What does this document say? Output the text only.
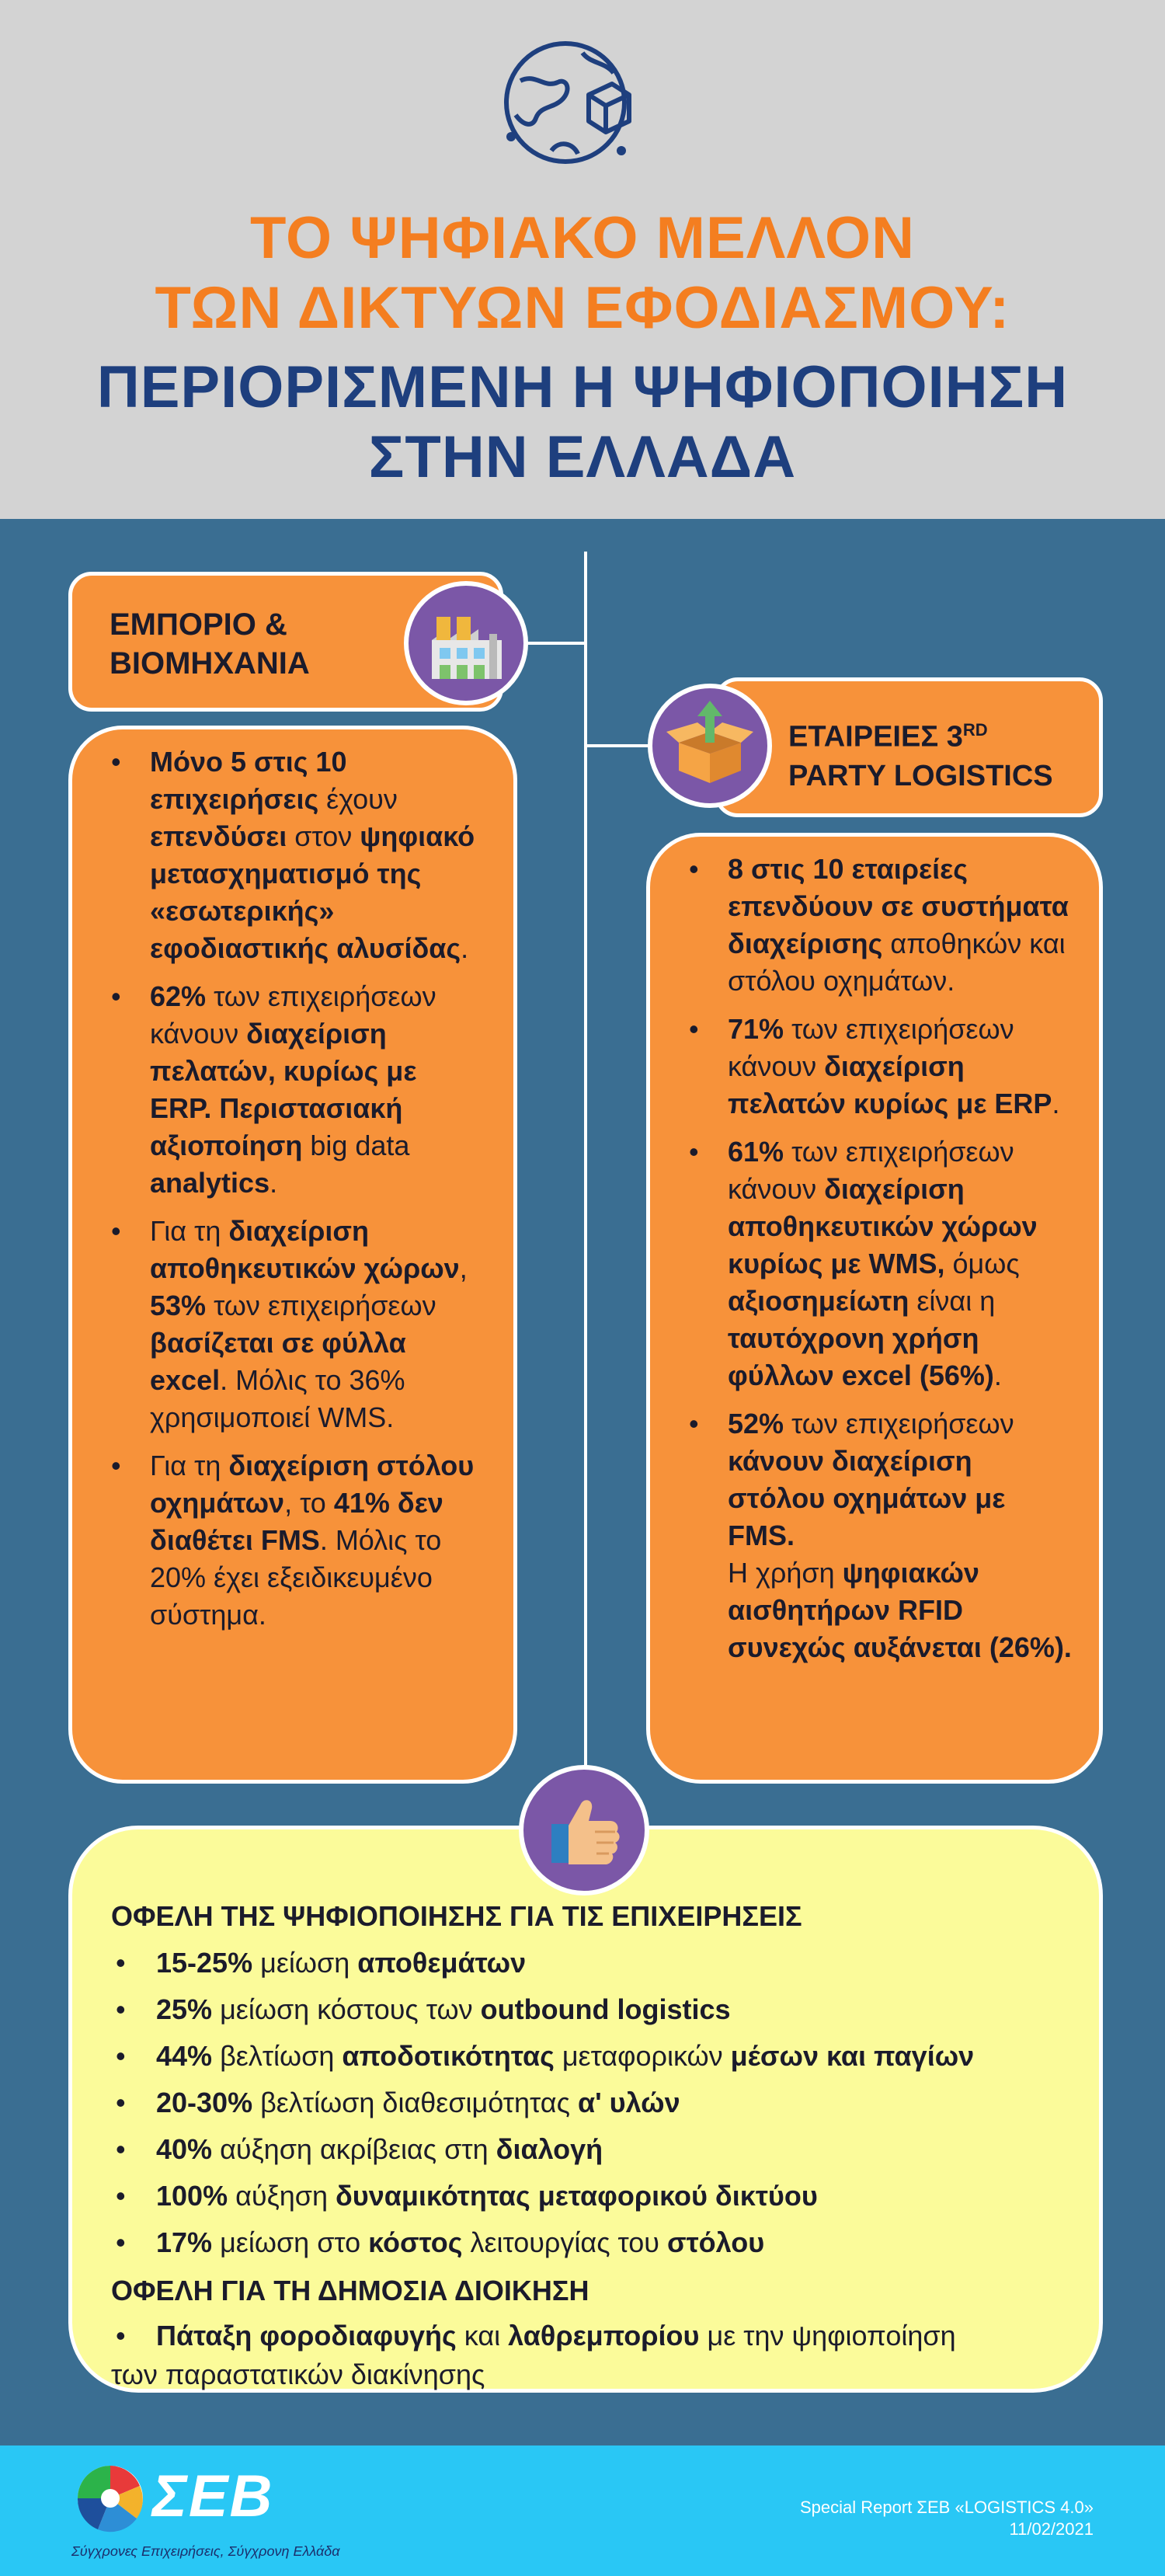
ΤΟ ΨΗΦΙΑΚΟ ΜΕΛΛΟΝ
ΤΩΝ ΔΙΚΤΥΩΝ ΕΦΟΔΙΑΣΜΟΥ:
ΠΕΡΙΟΡΙΣΜΕΝΗ Η ΨΗΦΙΟΠΟΙΗΣΗ
ΣΤΗΝ ΕΛΛΑΔΑ
ΕΜΠΟΡΙΟ &
ΒΙΟΜΗΧΑΝΙΑ
• Μόνο 5 στις 10 επιχειρήσεις έχουν επενδύσει στον ψηφιακό μετασχηματισμό της «εσωτερικής» εφοδιαστικής αλυσίδας.
• 62% των επιχειρήσεων κάνουν διαχείριση πελατών, κυρίως με ERP. Περιστασιακή αξιοποίηση big data analytics.
• Για τη διαχείριση αποθηκευτικών χώρων, 53% των επιχειρήσεων βασίζεται σε φύλλα excel. Μόλις το 36% χρησιμοποιεί WMS.
• Για τη διαχείριση στόλου οχημάτων, το 41% δεν διαθέτει FMS. Μόλις το 20% έχει εξειδικευμένο σύστημα.
ΕΤΑΙΡΕΙΕΣ 3RD
PARTY LOGISTICS
• 8 στις 10 εταιρείες επενδύουν σε συστήματα διαχείρισης αποθηκών και στόλου οχημάτων.
• 71% των επιχειρήσεων κάνουν διαχείριση πελατών κυρίως με ERP.
• 61% των επιχειρήσεων κάνουν διαχείριση αποθηκευτικών χώρων κυρίως με WMS, όμως αξιοσημείωτη είναι η ταυτόχρονη χρήση φύλλων excel (56%).
• 52% των επιχειρήσεων κάνουν διαχείριση στόλου οχημάτων με FMS.
Η χρήση ψηφιακών αισθητήρων RFID συνεχώς αυξάνεται (26%).
ΟΦΕΛΗ ΤΗΣ ΨΗΦΙΟΠΟΙΗΣΗΣ ΓΙΑ ΤΙΣ ΕΠΙΧΕΙΡΗΣΕΙΣ
• 15-25% μείωση αποθεμάτων
• 25% μείωση κόστους των outbound logistics
• 44% βελτίωση αποδοτικότητας μεταφορικών μέσων και παγίων
• 20-30% βελτίωση διαθεσιμότητας α' υλών
• 40% αύξηση ακρίβειας στη διαλογή
• 100% αύξηση δυναμικότητας μεταφορικού δικτύου
• 17% μείωση στο κόστος λειτουργίας του στόλου
ΟΦΕΛΗ ΓΙΑ ΤΗ ΔΗΜΟΣΙΑ ΔΙΟΙΚΗΣΗ
• Πάταξη φοροδιαφυγής και λαθρεμπορίου με την ψηφιοποίηση
των παραστατικών διακίνησης
ΣΕΒ
Σύγχρονες Επιχειρήσεις, Σύγχρονη Ελλάδα
Special Report ΣΕΒ «LOGISTICS 4.0»
11/02/2021
